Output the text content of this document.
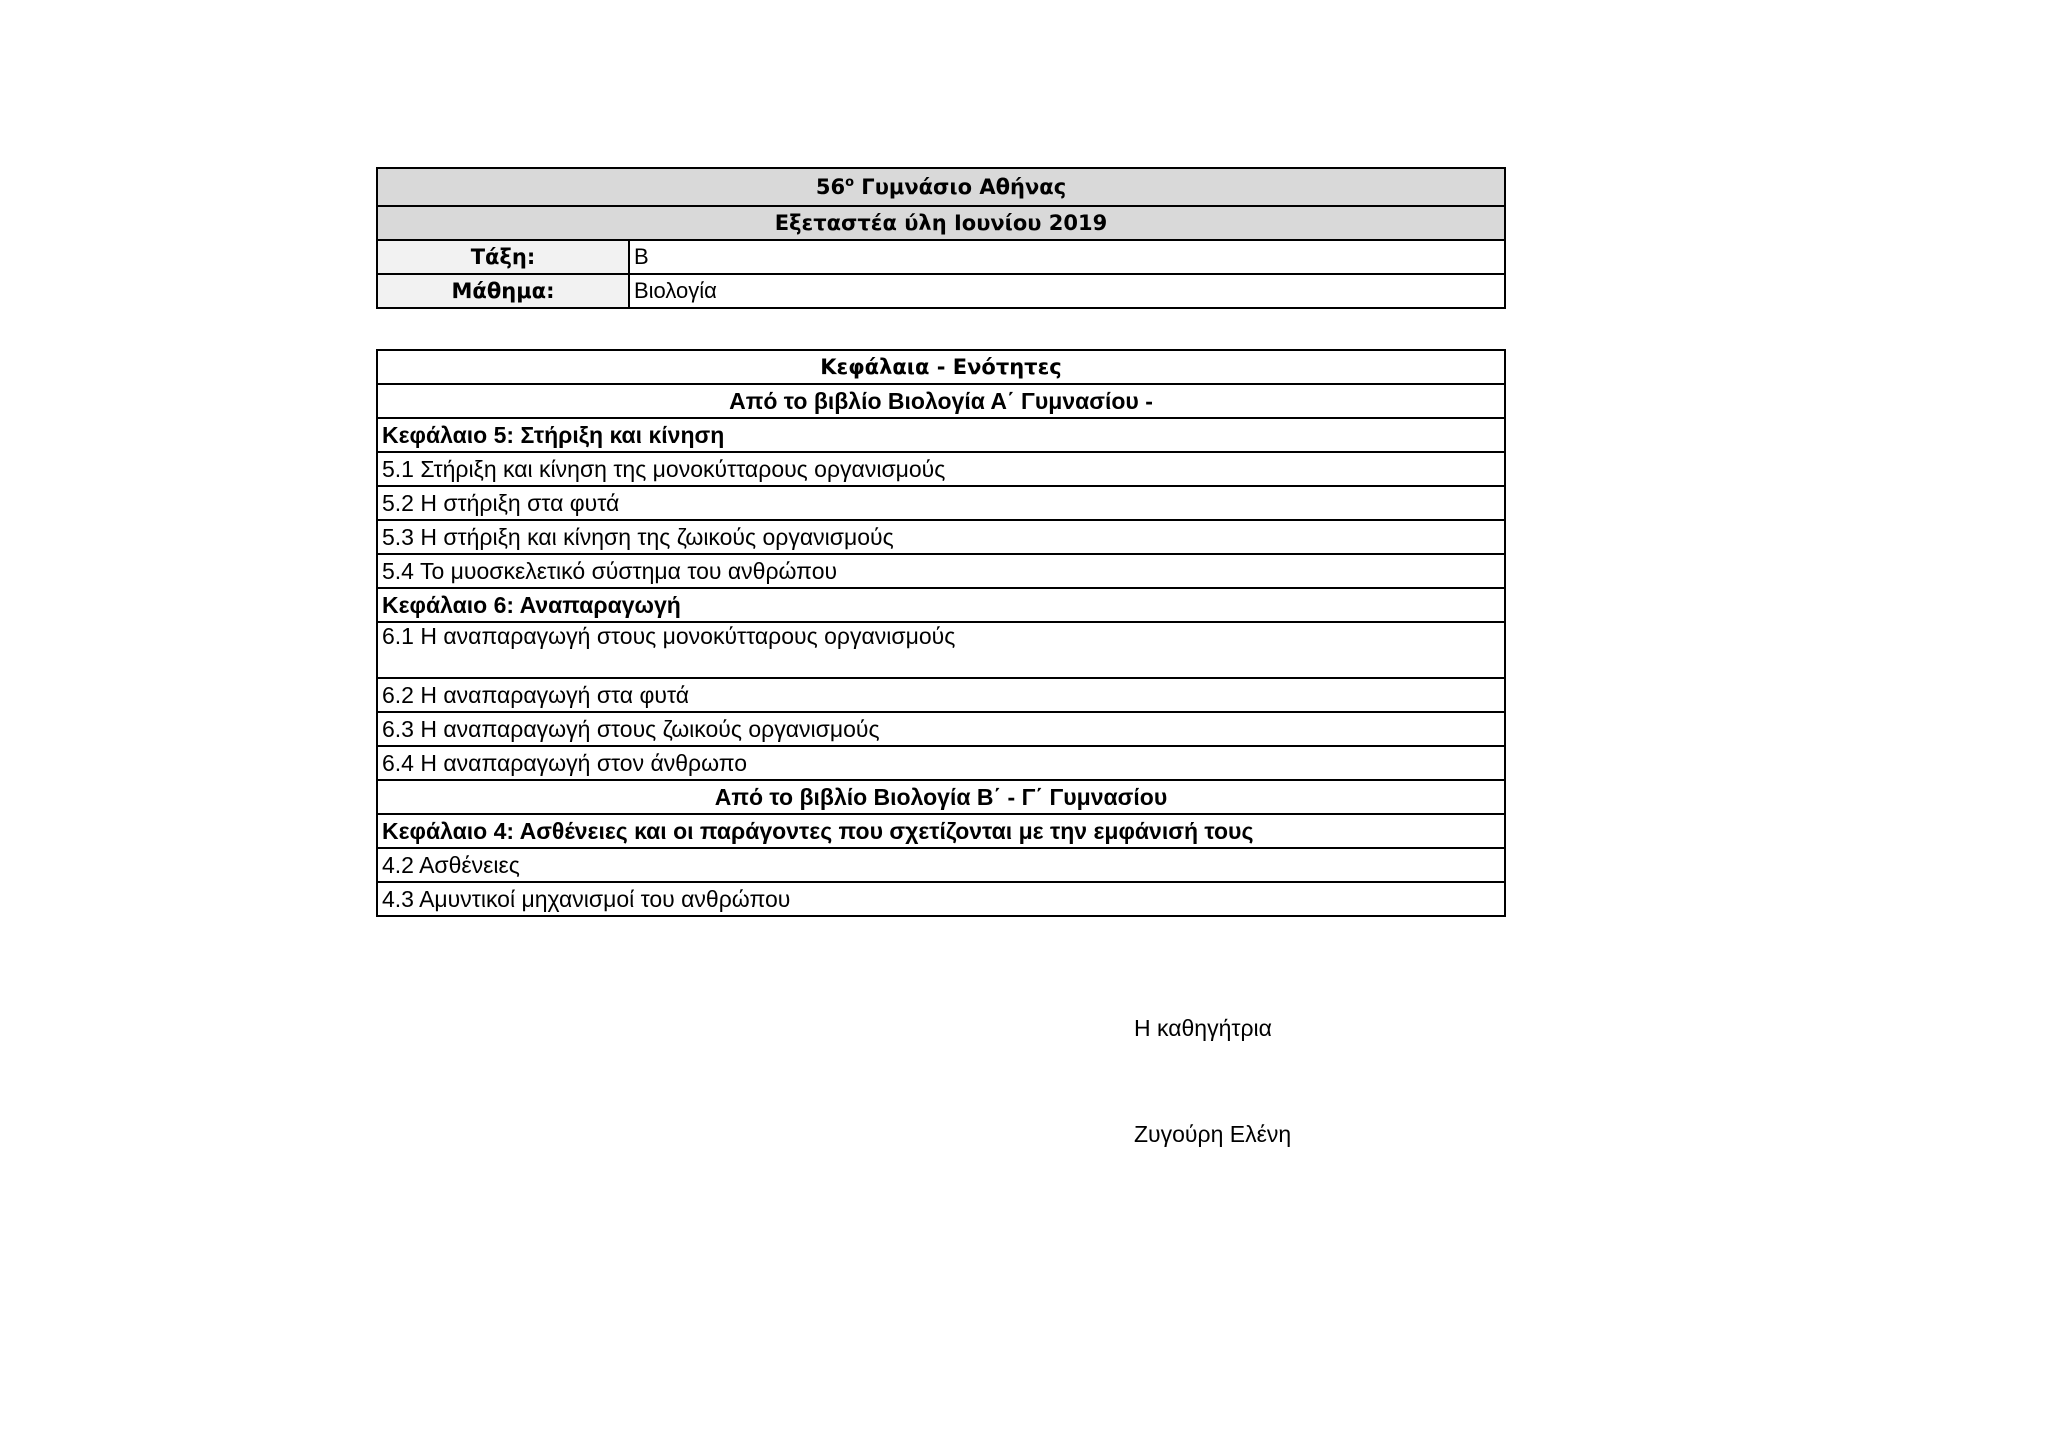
$56^o$ Γυμνάσιο Αθήνας	
Εξεταστέα ύλη Ιουνίου 2019	
Τάξη:	Β
Μάθημα:	Βιολογία
Κεφάλαια - Ενότητες
Από το βιβλίο Βιολογία Α΄ Γυμνασίου -
Κεφάλαιο 5: Στήριξη και κίνηση
5.1 Στήριξη και κίνηση της μονοκύτταρους οργανισμούς
5.2 Η στήριξη στα φυτά
5.3 Η στήριξη και κίνηση της ζωικούς οργανισμούς
5.4 Το μυοσκελετικό σύστημα του ανθρώπου
Κεφάλαιο 6: Αναπαραγωγή
6.1 Η αναπαραγωγή στους μονοκύτταρους οργανισμούς
6.2 Η αναπαραγωγή στα φυτά
6.3 Η αναπαραγωγή στους ζωικούς οργανισμούς
6.4 Η αναπαραγωγή στον άνθρωπο
Από το βιβλίο Βιολογία Β΄ - Γ΄ Γυμνασίου
Κεφάλαιο 4: Ασθένειες και οι παράγοντες που σχετίζονται με την εμφάνισή τους
4.2 Ασθένειες
4.3 Αμυντικοί μηχανισμοί του ανθρώπου
Η καθηγήτρια
Ζυγούρη Ελένη
